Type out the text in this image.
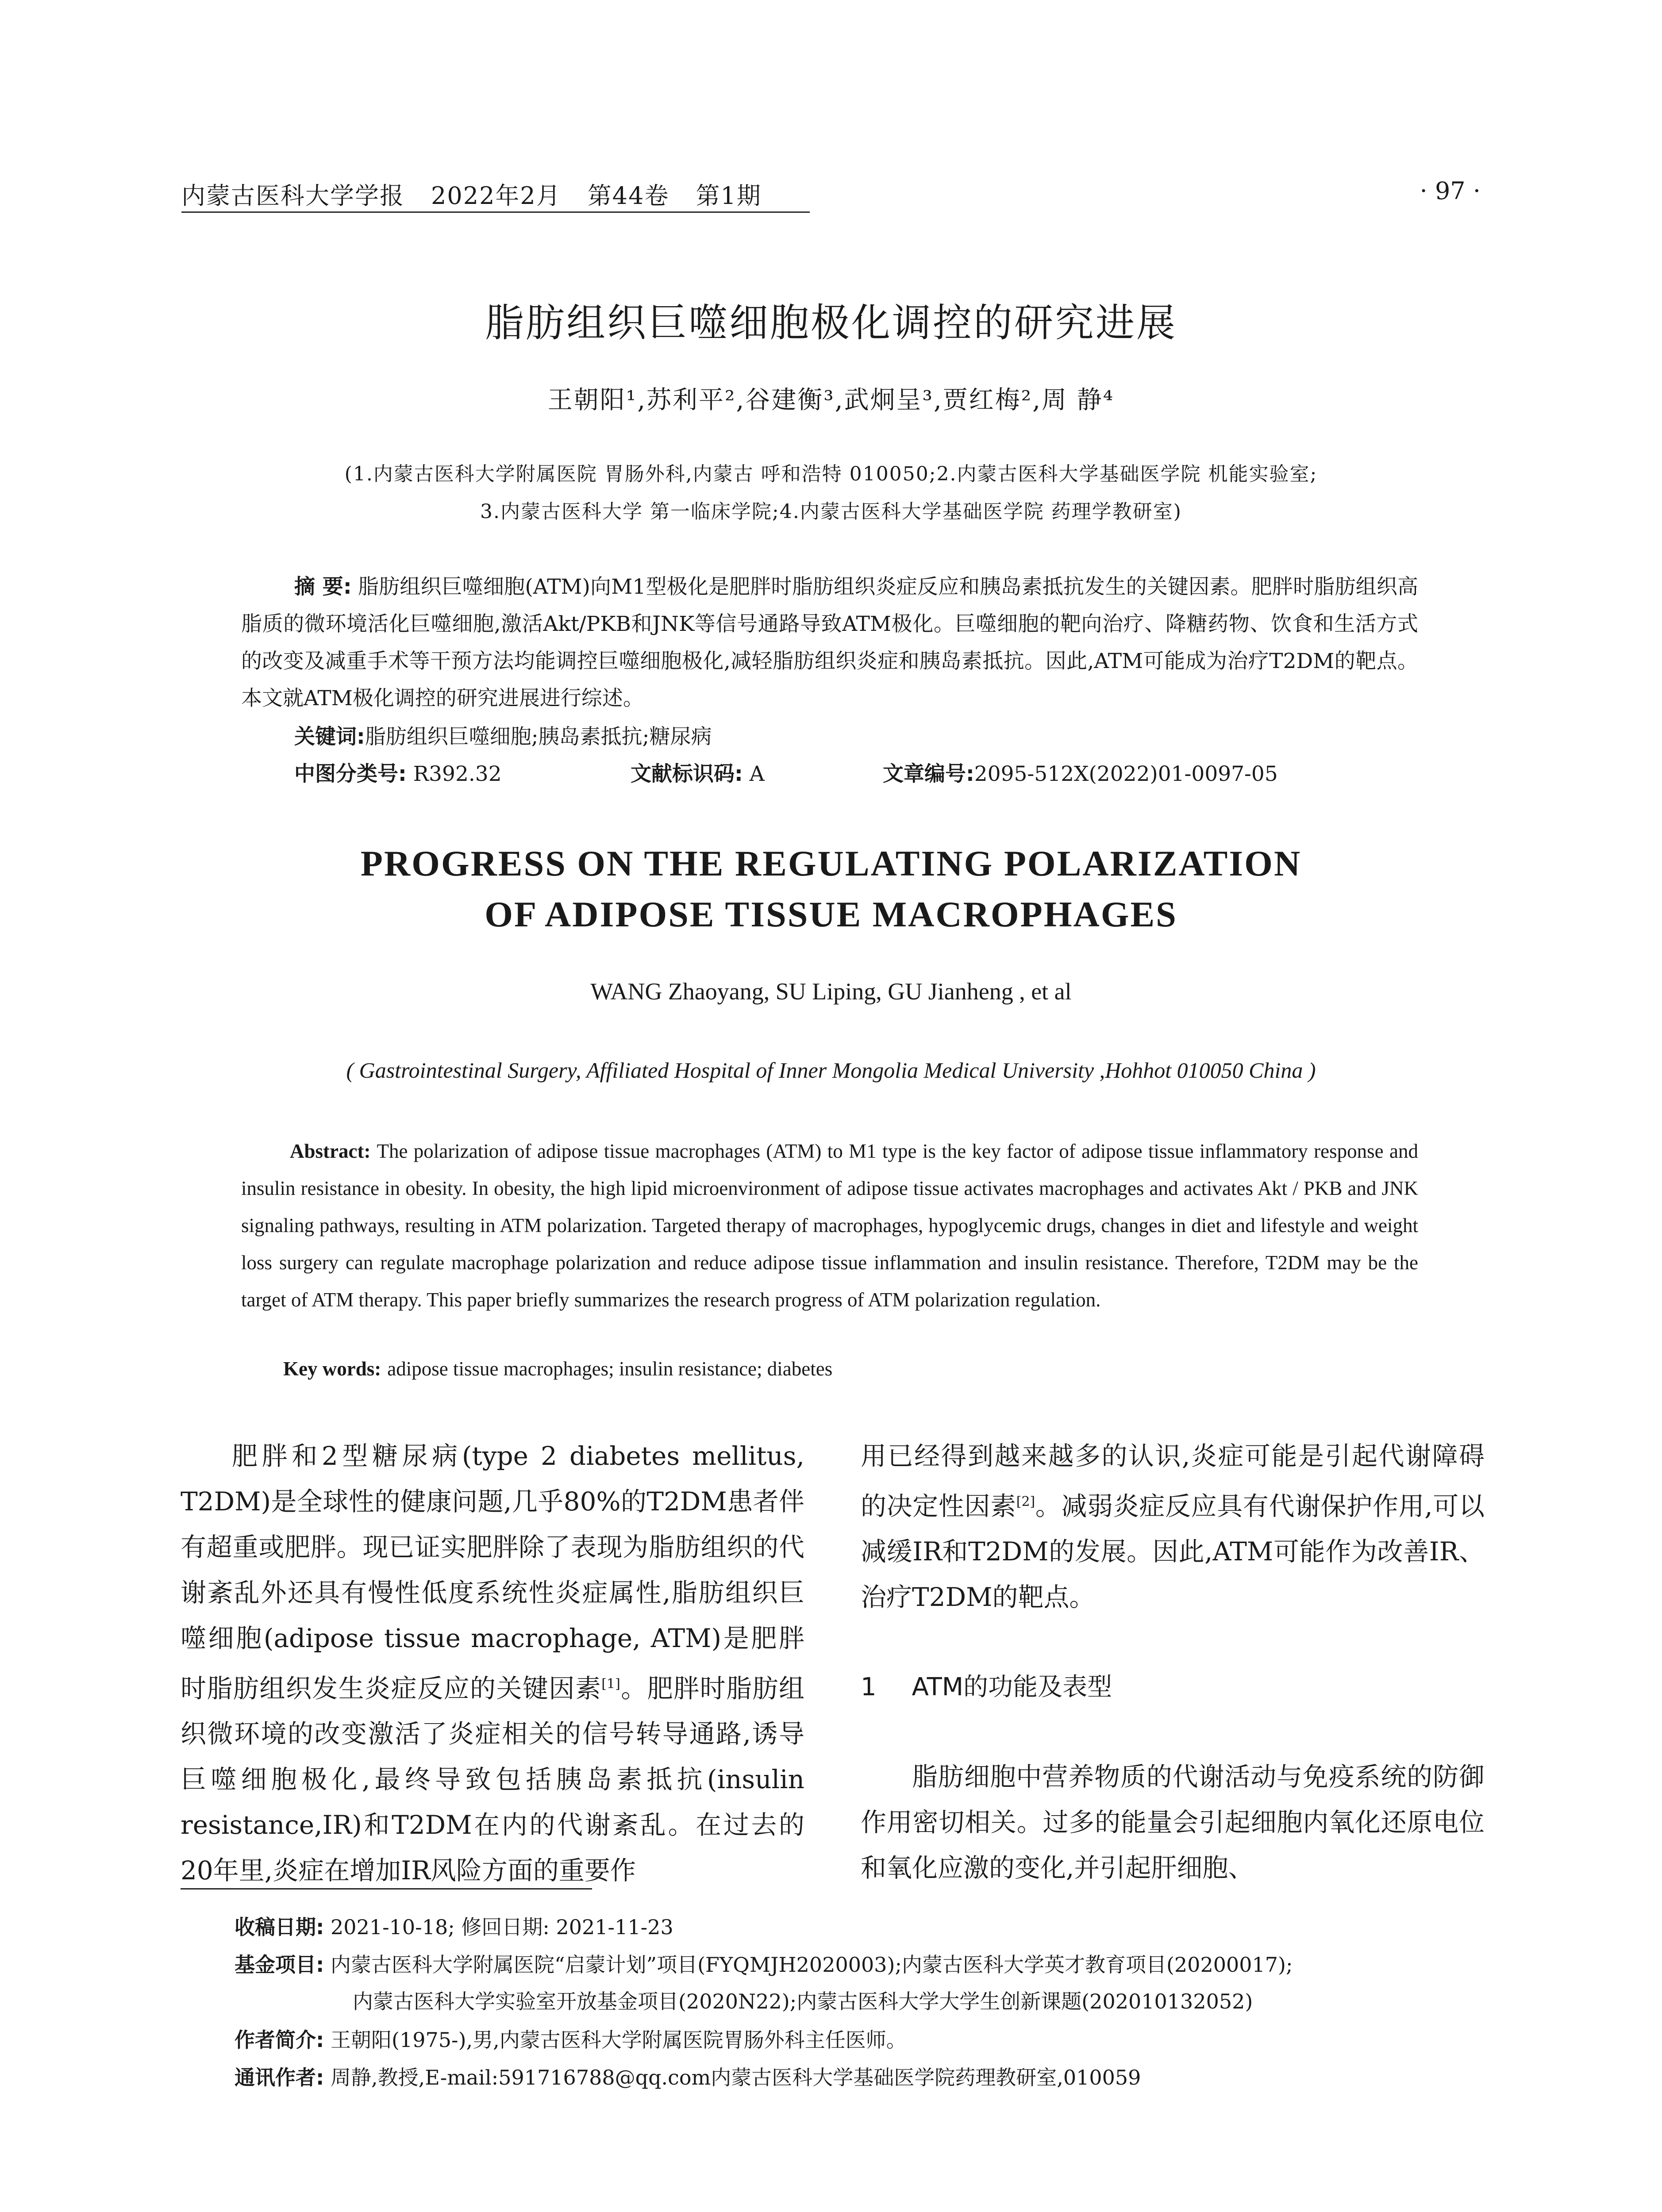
内蒙古医科大学学报 2022年2月 第44卷 第1期	· 97 ·
脂肪组织巨噬细胞极化调控的研究进展
王朝阳¹,苏利平²,谷建衡³,武炯呈³,贾红梅²,周 静⁴
(1.内蒙古医科大学附属医院 胃肠外科,内蒙古 呼和浩特 010050;2.内蒙古医科大学基础医学院 机能实验室;
3.内蒙古医科大学 第一临床学院;4.内蒙古医科大学基础医学院 药理学教研室)
摘 要: 脂肪组织巨噬细胞(ATM)向M1型极化是肥胖时脂肪组织炎症反应和胰岛素抵抗发生的关键因素。肥胖时脂肪组织高脂质的微环境活化巨噬细胞,激活Akt/PKB和JNK等信号通路导致ATM极化。巨噬细胞的靶向治疗、降糖药物、饮食和生活方式的改变及减重手术等干预方法均能调控巨噬细胞极化,减轻脂肪组织炎症和胰岛素抵抗。因此,ATM可能成为治疗T2DM的靶点。本文就ATM极化调控的研究进展进行综述。
关键词:脂肪组织巨噬细胞;胰岛素抵抗;糖尿病
中图分类号: R392.32	文献标识码: A	文章编号:2095-512X(2022)01-0097-05
PROGRESS ON THE REGULATING POLARIZATION
OF ADIPOSE TISSUE MACROPHAGES
WANG Zhaoyang, SU Liping, GU Jianheng , et al
( Gastrointestinal Surgery, Affiliated Hospital of Inner Mongolia Medical University ,Hohhot 010050 China )
Abstract: The polarization of adipose tissue macrophages (ATM) to M1 type is the key factor of adipose tissue inflammatory response and insulin resistance in obesity. In obesity, the high lipid microenvironment of adipose tissue activates macrophages and activates Akt / PKB and JNK signaling pathways, resulting in ATM polarization. Targeted therapy of macrophages, hypoglycemic drugs, changes in diet and lifestyle and weight loss surgery can regulate macrophage polarization and reduce adipose tissue inflammation and insulin resistance. Therefore, T2DM may be the target of ATM therapy. This paper briefly summarizes the research progress of ATM polarization regulation.
Key words: adipose tissue macrophages; insulin resistance; diabetes
肥胖和2型糖尿病(type 2 diabetes mellitus, T2DM)是全球性的健康问题,几乎80%的T2DM患者伴有超重或肥胖。现已证实肥胖除了表现为脂肪组织的代谢紊乱外还具有慢性低度系统性炎症属性,脂肪组织巨噬细胞(adipose tissue macrophage, ATM)是肥胖时脂肪组织发生炎症反应的关键因素[1]。肥胖时脂肪组织微环境的改变激活了炎症相关的信号转导通路,诱导巨噬细胞极化,最终导致包括胰岛素抵抗(insulin resistance,IR)和T2DM在内的代谢紊乱。在过去的20年里,炎症在增加IR风险方面的重要作
用已经得到越来越多的认识,炎症可能是引起代谢障碍的决定性因素[2]。减弱炎症反应具有代谢保护作用,可以减缓IR和T2DM的发展。因此,ATM可能作为改善IR、治疗T2DM的靶点。
1 ATM的功能及表型
脂肪细胞中营养物质的代谢活动与免疫系统的防御作用密切相关。过多的能量会引起细胞内氧化还原电位和氧化应激的变化,并引起肝细胞、
收稿日期: 2021-10-18; 修回日期: 2021-11-23
基金项目: 内蒙古医科大学附属医院“启蒙计划”项目(FYQMJH2020003);内蒙古医科大学英才教育项目(20200017);
内蒙古医科大学实验室开放基金项目(2020N22);内蒙古医科大学大学生创新课题(202010132052)
作者简介: 王朝阳(1975-),男,内蒙古医科大学附属医院胃肠外科主任医师。
通讯作者: 周静,教授,E-mail:591716788@qq.com内蒙古医科大学基础医学院药理教研室,010059
